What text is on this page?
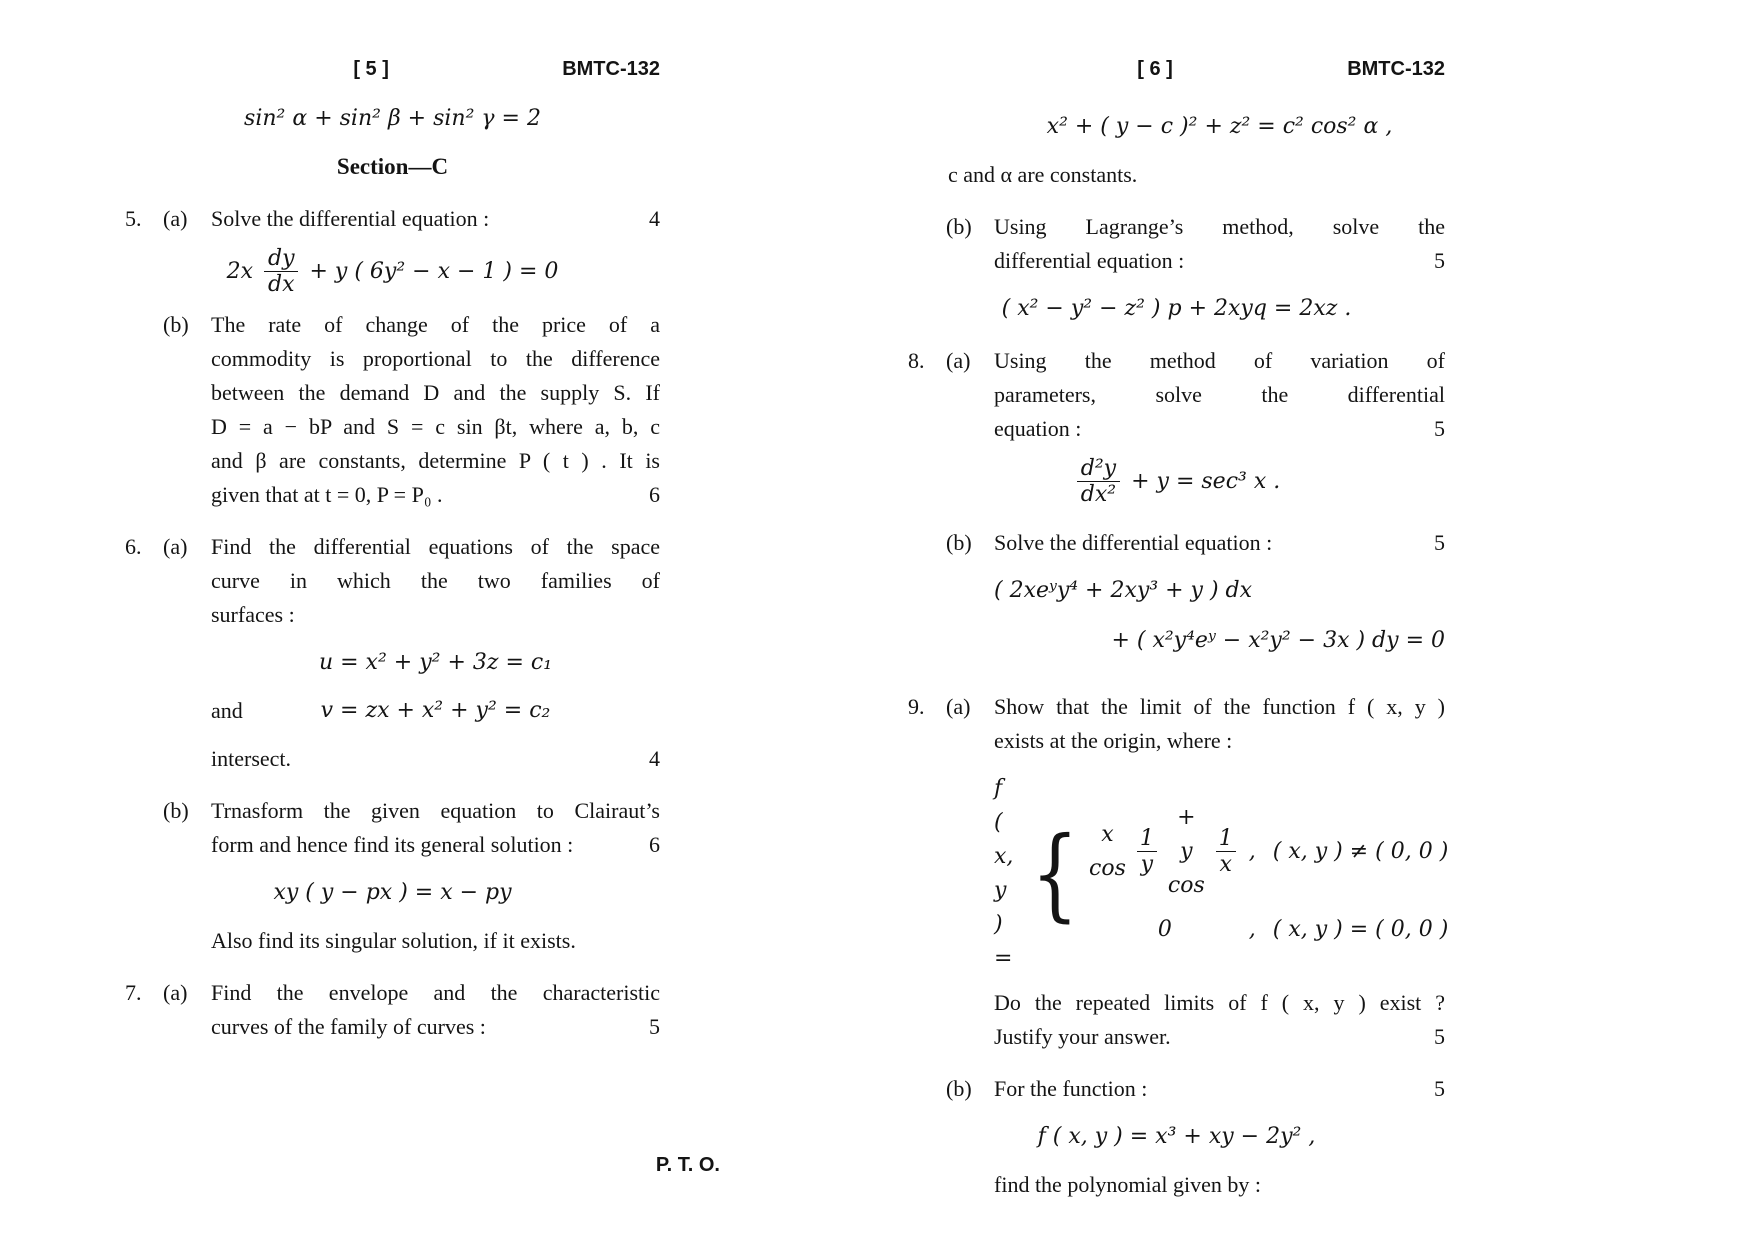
[ 5 ]	BMTC-132
sin² α + sin² β + sin² γ = 2
Section—C
5. (a)	Solve the differential equation :	4
$2x \frac{dy}{dx} + y$ ( 6y² − x − 1 ) = 0
(b)	The rate of change of the price of a
commodity is proportional to the difference
between the demand D and the supply S. If
D = a − bP and S = c sin βt, where a, b, c
and β are constants, determine P ( t ) . It is
given that at t = 0, P = P₀ .	6
6. (a)	Find the differential equations of the space
curve in which the two families of
surfaces :
u = x² + y² + 3z = c₁
and	v = zx + x² + y² = c₂
intersect.	4
(b)	Trnasform the given equation to Clairaut’s
form and hence find its general solution :	6
xy ( y − px ) = x − py
Also find its singular solution, if it exists.
7. (a)	Find the envelope and the characteristic
curves of the family of curves :	5
P. T. O.
[ 6 ]	BMTC-132
x² + ( y − c )² + z² = c² cos² α ,
c and α are constants.
(b)	Using Lagrange’s method, solve the
differential equation :	5
( x² − y² − z² ) p + 2xyq = 2xz .
8. (a)	Using the method of variation of
parameters, solve the differential
equation :	5
$\frac{\text{d²y}}{\text{dx²}} + y = \sec^3$ x .
(b)	Solve the differential equation :	5
( 2xeʸy⁴ + 2xy³ + y ) dx
+ ( x²y⁴eʸ − x²y² − 3x ) dy = 0
9. (a)	Show that the limit of the function f ( x, y )
exists at the origin, where :
f ( x, y ) =
{	x $\cos \frac{1}{y}$
+ y cos
$\frac{1}{x}$ , ( x, y ) ≠ ( 0, 0 )
0	, ( x, y ) = ( 0, 0 )
Do the repeated limits of f ( x, y ) exist ?
Justify your answer.	5
(b)	For the function :	5
f ( x, y ) = x³ + xy − 2y² ,
find the polynomial given by :
